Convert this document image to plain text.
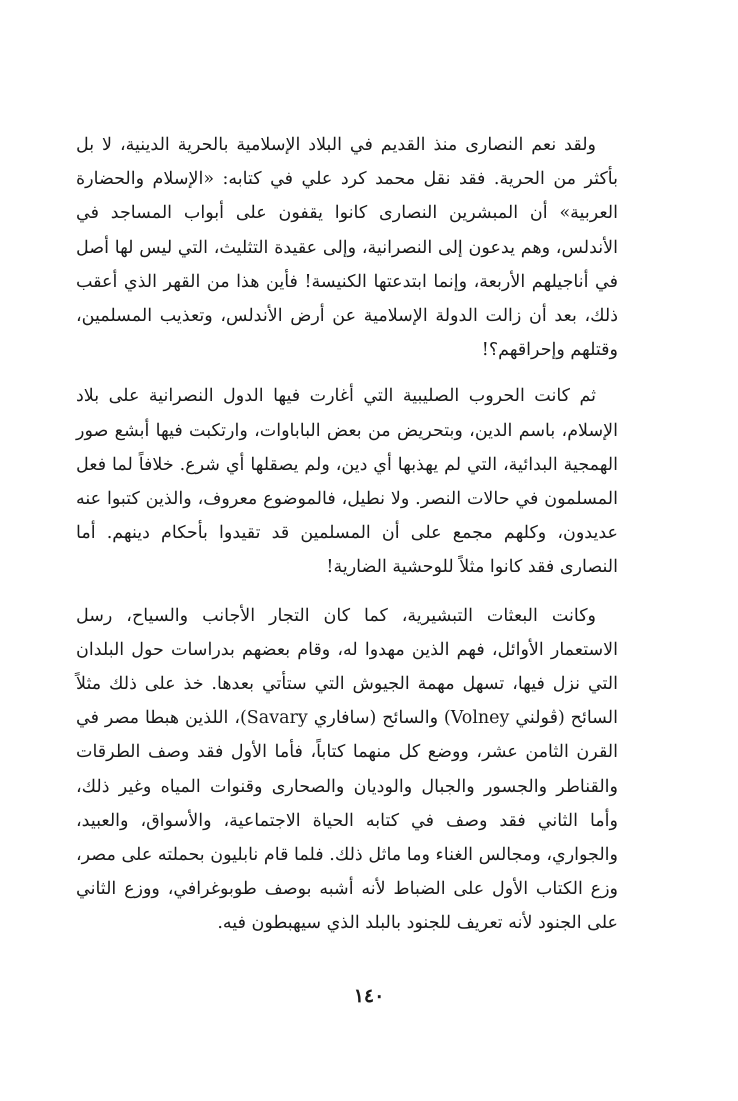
ولقد نعم النصارى منذ القديم في البلاد الإسلامية بالحرية الدينية، لا بل بأكثر من الحرية. فقد نقل محمد كرد علي في كتابه: «الإسلام والحضارة العربية» أن المبشرين النصارى كانوا يقفون على أبواب المساجد في الأندلس، وهم يدعون إلى النصرانية، وإلى عقيدة التثليث، التي ليس لها أصل في أناجيلهم الأربعة، وإنما ابتدعتها الكنيسة! فأين هذا من القهر الذي أعقب ذلك، بعد أن زالت الدولة الإسلامية عن أرض الأندلس، وتعذيب المسلمين، وقتلهم وإحراقهم؟!

ثم كانت الحروب الصليبية التي أغارت فيها الدول النصرانية على بلاد الإسلام، باسم الدين، وبتحريض من بعض الباباوات، وارتكبت فيها أبشع صور الهمجية البدائية، التي لم يهذبها أي دين، ولم يصقلها أي شرع. خلافاً لما فعل المسلمون في حالات النصر. ولا نطيل، فالموضوع معروف، والذين كتبوا عنه عديدون، وكلهم مجمع على أن المسلمين قد تقيدوا بأحكام دينهم. أما النصارى فقد كانوا مثلاً للوحشية الضارية!

وكانت البعثات التبشيرية، كما كان التجار الأجانب والسياح، رسل الاستعمار الأوائل، فهم الذين مهدوا له، وقام بعضهم بدراسات حول البلدان التي نزل فيها، تسهل مهمة الجيوش التي ستأتي بعدها. خذ على ذلك مثلاً السائح (ڤولني Volney) والسائح (سافاري Savary)، اللذين هبطا مصر في القرن الثامن عشر، ووضع كل منهما كتاباً، فأما الأول فقد وصف الطرقات والقناطر والجسور والجبال والوديان والصحارى وقنوات المياه وغير ذلك، وأما الثاني فقد وصف في كتابه الحياة الاجتماعية، والأسواق، والعبيد، والجواري، ومجالس الغناء وما ماثل ذلك. فلما قام نابليون بحملته على مصر، وزع الكتاب الأول على الضباط لأنه أشبه بوصف طوبوغرافي، ووزع الثاني على الجنود لأنه تعريف للجنود بالبلد الذي سيهبطون فيه.

١٤٠
